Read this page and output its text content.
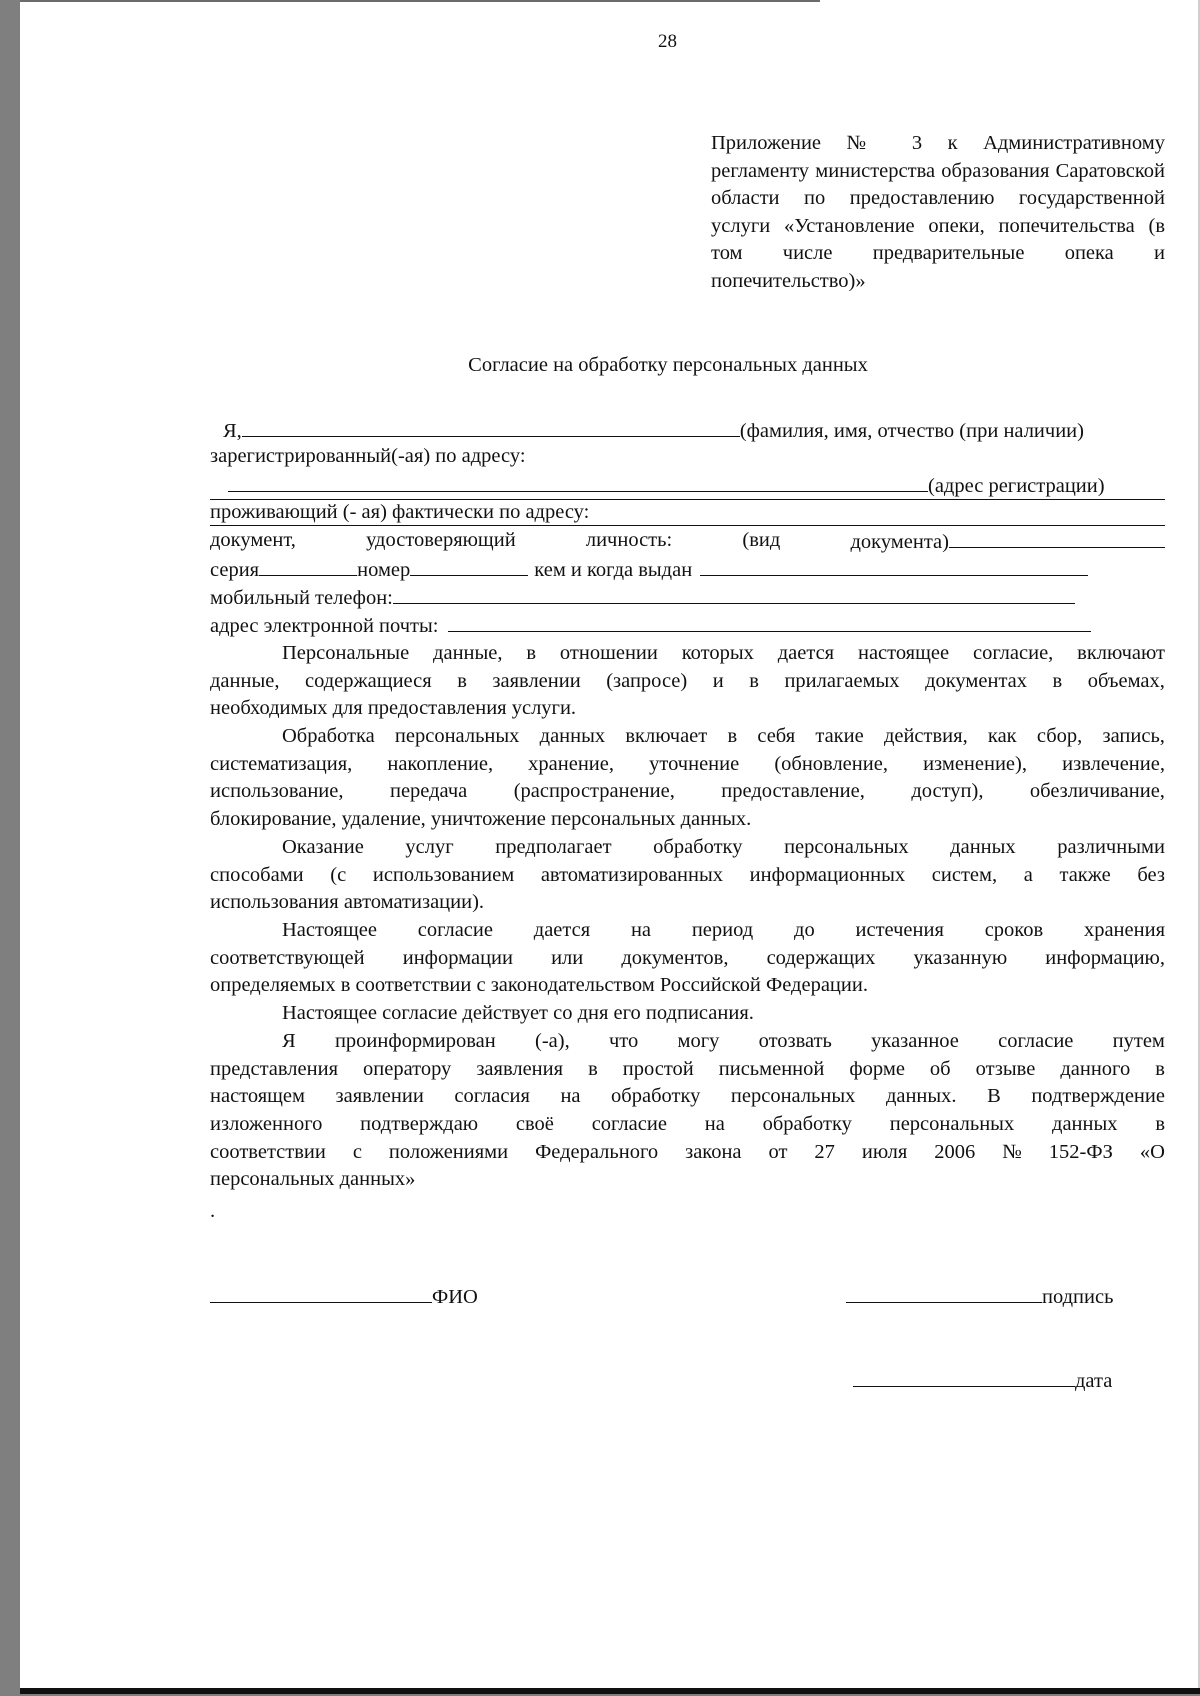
28
Приложение № 3 к Административному регламенту министерства образования Саратовской области по предоставлению государственной услуги «Установление опеки, попечительства (в том числе предварительные опека и попечительство)»
Согласие на обработку персональных данных
Я,	(фамилия, имя, отчество (при наличии)
зарегистрированный(-ая) по адресу:
(адрес регистрации)
проживающий (- ая) фактически по адресу:
документ,	удостоверяющий	личность:	(вид	документа)
серия	номер	кем и когда выдан
мобильный телефон:
адрес электронной почты:
Персональные данные, в отношении которых дается настоящее согласие, включают
данные, содержащиеся в заявлении (запросе) и в прилагаемых документах в объемах,
необходимых для предоставления услуги.
Обработка персональных данных включает в себя такие действия, как сбор, запись,
систематизация, накопление, хранение, уточнение (обновление, изменение), извлечение,
использование, передача (распространение, предоставление, доступ), обезличивание,
блокирование, удаление, уничтожение персональных данных.
Оказание услуг предполагает обработку персональных данных различными
способами (с использованием автоматизированных информационных систем, а также без
использования автоматизации).
Настоящее согласие дается на период до истечения сроков хранения
соответствующей информации или документов, содержащих указанную информацию,
определяемых в соответствии с законодательством Российской Федерации.
Настоящее согласие действует со дня его подписания.
Я проинформирован (-а), что могу отозвать указанное согласие путем
представления оператору заявления в простой письменной форме об отзыве данного в
настоящем заявлении согласия на обработку персональных данных. В подтверждение
изложенного подтверждаю своё согласие на обработку персональных данных в
соответствии с положениями Федерального закона от 27 июля 2006 № 152-ФЗ «О
персональных данных»
.
ФИО	подпись
дата
